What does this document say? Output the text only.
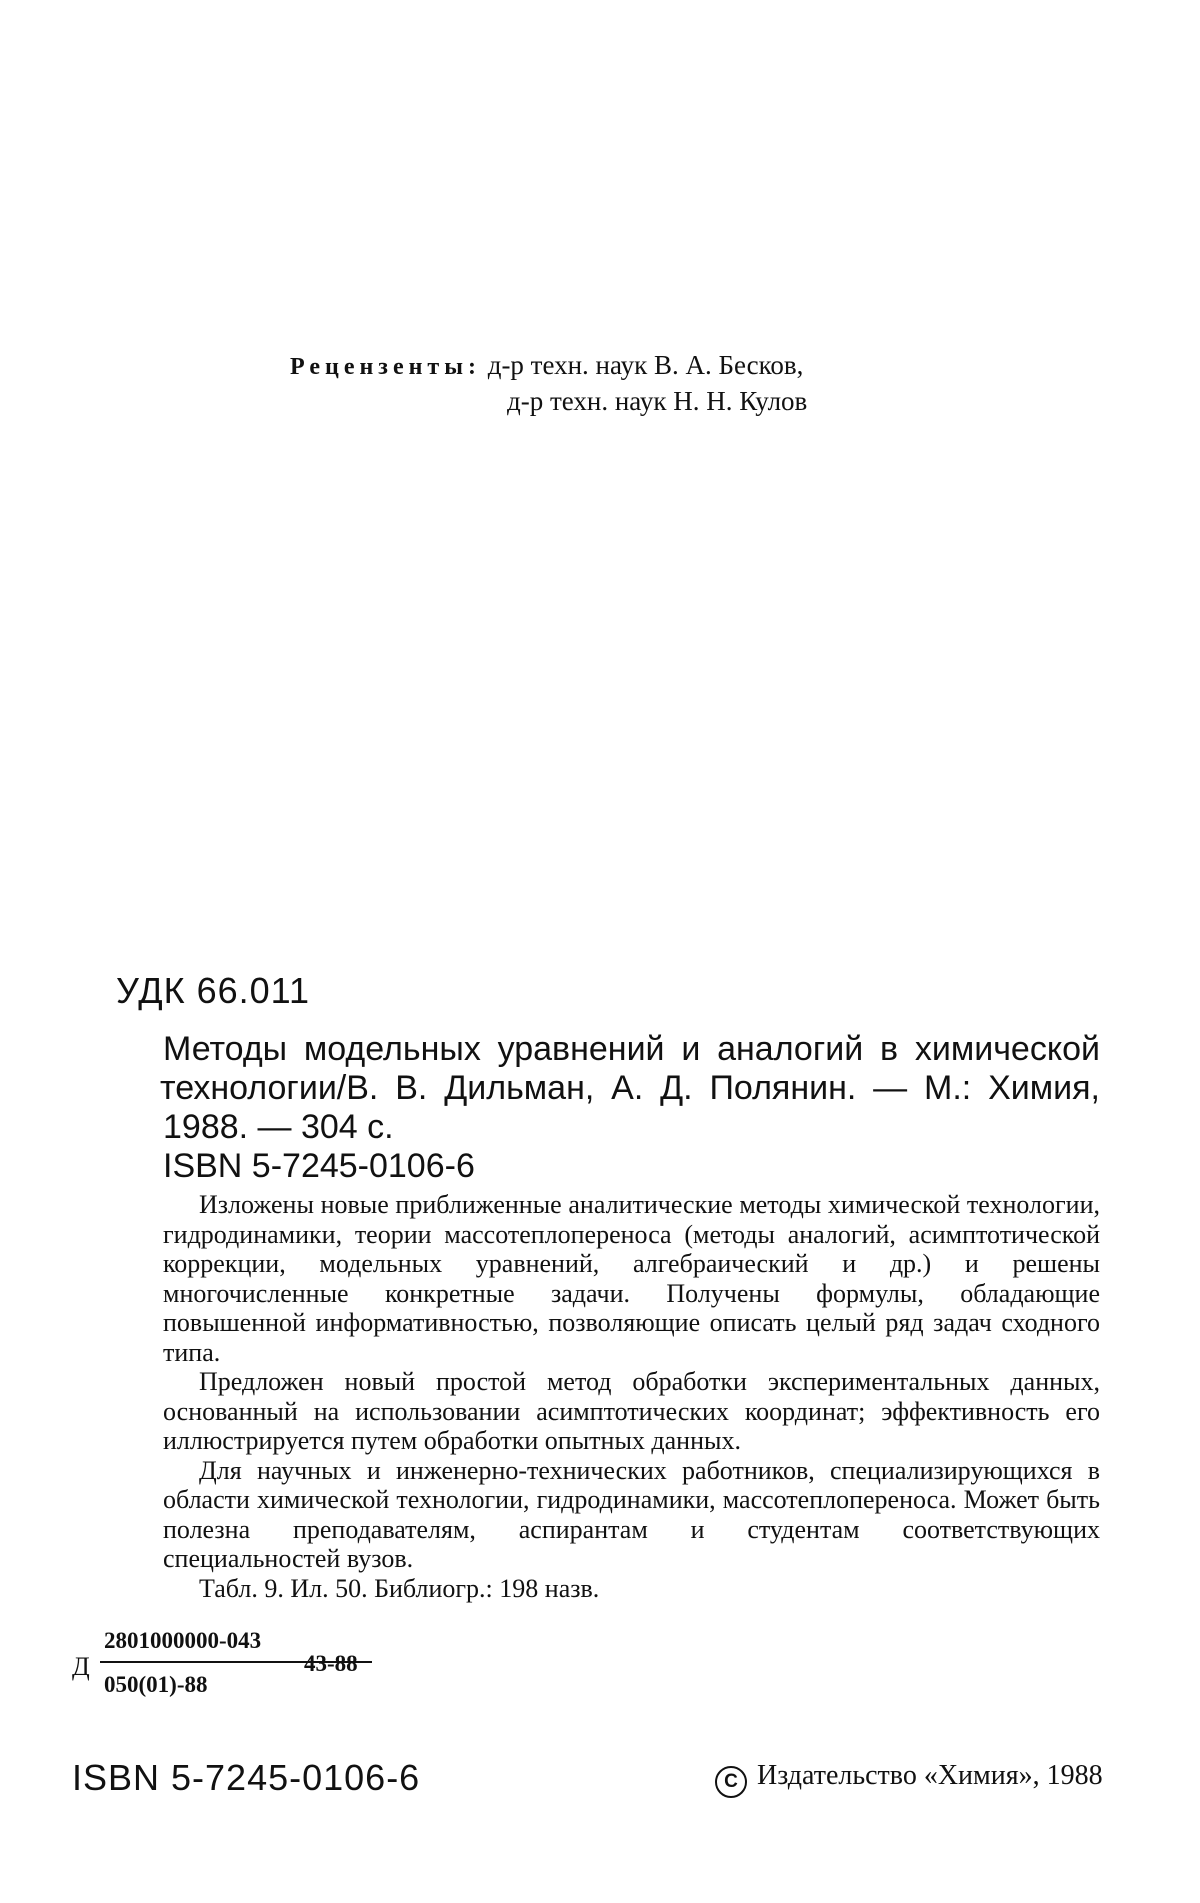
Рецензенты: д-р техн. наук В. А. Бесков,
д-р техн. наук Н. Н. Кулов
УДК 66.011
Методы модельных уравнений и аналогий в химической
технологии/В. В. Дильман, А. Д. Полянин. — М.: Химия,
1988. — 304 с.
ISBN 5-7245-0106-6

Изложены новые приближенные аналитические методы химической технологии, гидродинамики, теории массотеплопереноса (методы аналогий, асимптотической коррекции, модельных уравнений, алгебраический и др.) и решены многочисленные конкретные задачи. Получены формулы, обладающие повышенной информативностью, позволяющие описать целый ряд задач сходного типа.

Предложен новый простой метод обработки экспериментальных данных, основанный на использовании асимптотических координат; эффективность его иллюстрируется путем обработки опытных данных.

Для научных и инженерно-технических работников, специализирующихся в области химической технологии, гидродинамики, массотеплопереноса. Может быть полезна преподавателям, аспирантам и студентам соответствующих специальностей вузов.

Табл. 9. Ил. 50. Библиогр.: 198 назв.

Д
2801000000-043
050(01)-88
43-88
ISBN 5-7245-0106-6	C Издательство «Химия», 1988
